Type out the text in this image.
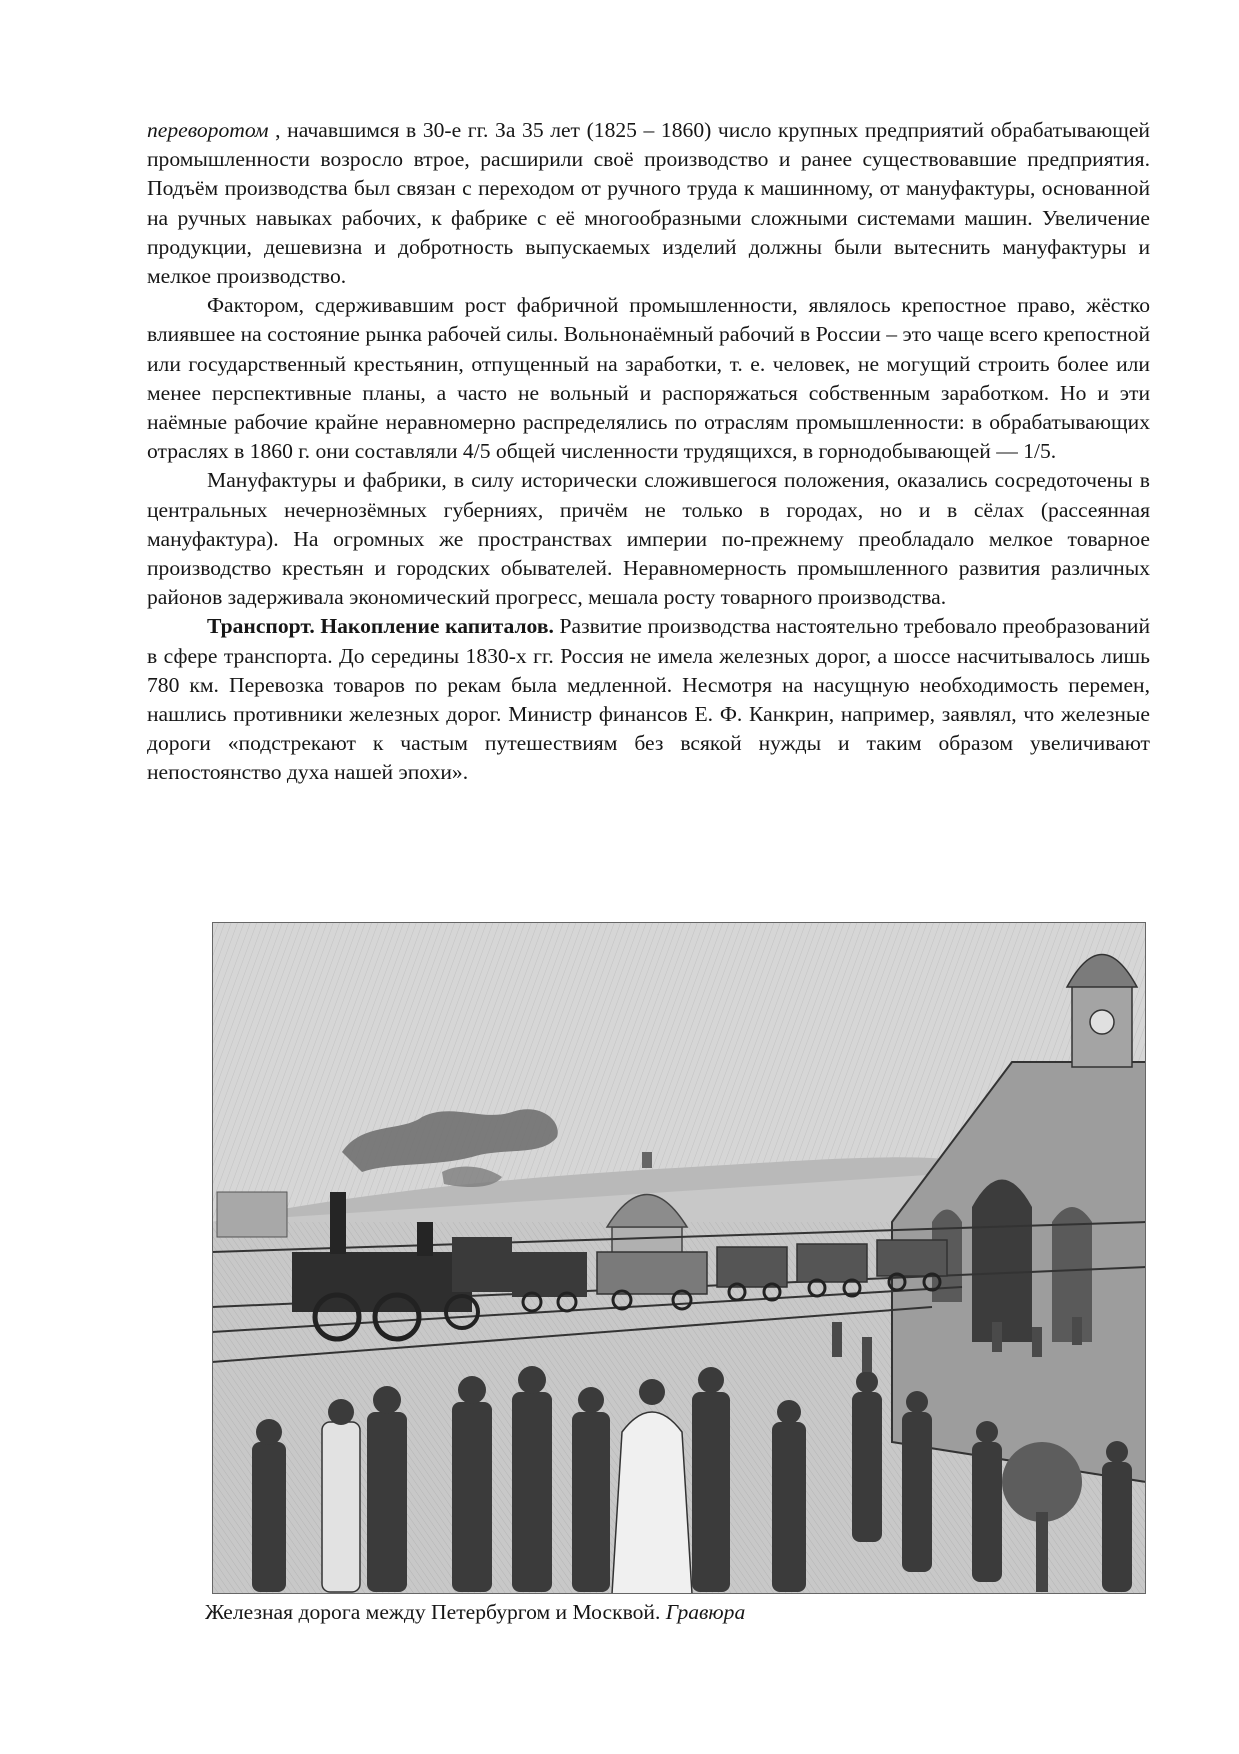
переворотом , начавшимся в 30-е гг. За 35 лет (1825 – 1860) число крупных предприятий обрабатывающей промышленности возросло втрое, расширили своё производство и ранее существовавшие предприятия. Подъём производства был связан с переходом от ручного труда к машинному, от мануфактуры, основанной на ручных навыках рабочих, к фабрике с её многообразными сложными системами машин. Увеличение продукции, дешевизна и добротность выпускаемых изделий должны были вытеснить мануфактуры и мелкое производство.

Фактором, сдерживавшим рост фабричной промышленности, являлось крепостное право, жёстко влиявшее на состояние рынка рабочей силы. Вольнонаёмный рабочий в России – это чаще всего крепостной или государственный крестьянин, отпущенный на заработки, т. е. человек, не могущий строить более или менее перспективные планы, а часто не вольный и распоряжаться собственным заработком. Но и эти наёмные рабочие крайне неравномерно распределялись по отраслям промышленности: в обрабатывающих отраслях в 1860 г. они составляли 4/5 общей численности трудящихся, в горнодобывающей — 1/5.

Мануфактуры и фабрики, в силу исторически сложившегося положения, оказались сосредоточены в центральных нечернозёмных губерниях, причём не только в городах, но и в сёлах (рассеянная мануфактура). На огромных же пространствах империи по-прежнему преобладало мелкое товарное производство крестьян и городских обывателей. Неравномерность промышленного развития различных районов задерживала экономический прогресс, мешала росту товарного производства.

Транспорт. Накопление капиталов. Развитие производства настоятельно требовало преобразований в сфере транспорта. До середины 1830-х гг. Россия не имела железных дорог, а шоссе насчитывалось лишь 780 км. Перевозка товаров по рекам была медленной. Несмотря на насущную необходимость перемен, нашлись противники железных дорог. Министр финансов Е. Ф. Канкрин, например, заявлял, что железные дороги «подстрекают к частым путешествиям без всякой нужды и таким образом увеличивают непостоянство духа нашей эпохи».

Железная дорога между Петербургом и Москвой. Гравюра
